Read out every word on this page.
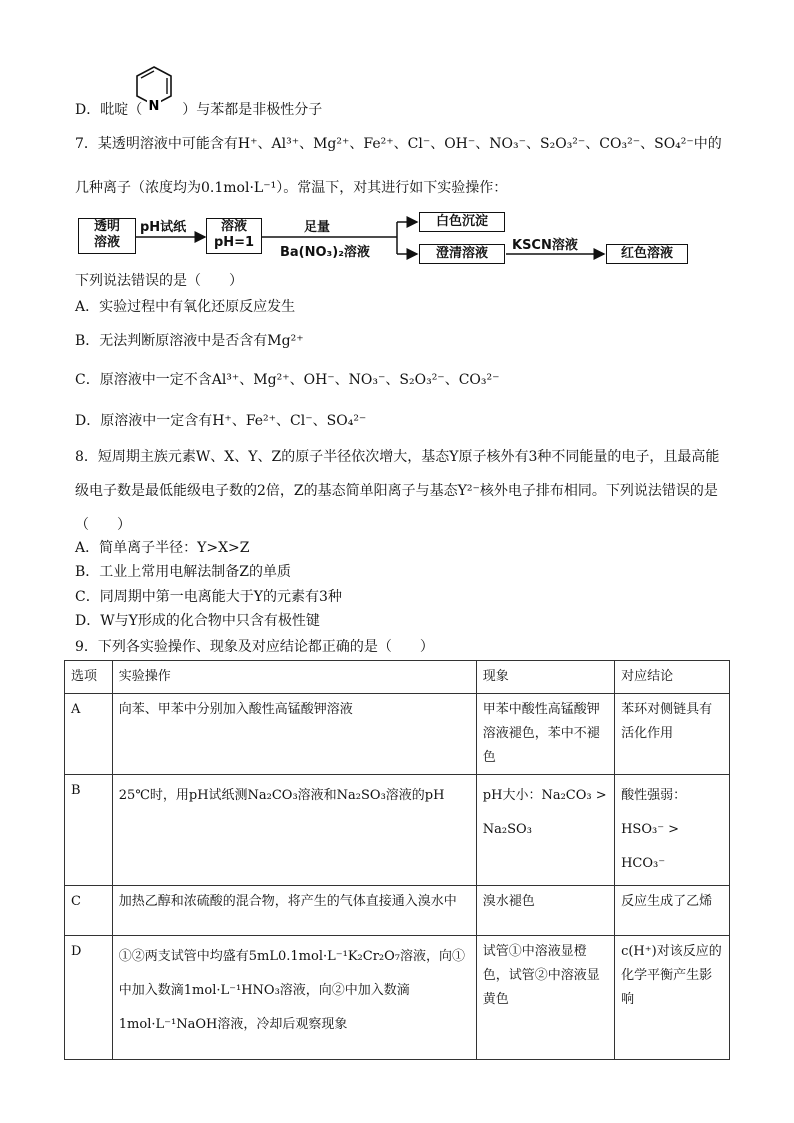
D．吡啶（	）与苯都是非极性分子
N
7．某透明溶液中可能含有H⁺、Al³⁺、Mg²⁺、Fe²⁺、Cl⁻、OH⁻、NO₃⁻、S₂O₃²⁻、CO₃²⁻、SO₄²⁻中的
几种离子（浓度均为0.1mol·L⁻¹）。常温下，对其进行如下实验操作：
透明溶液
pH试纸	溶液
pH=1
足量
Ba(NO₃)₂溶液
白色沉淀
澄清溶液
KSCN溶液
红色溶液
下列说法错误的是（　　）
A．实验过程中有氧化还原反应发生
B．无法判断原溶液中是否含有Mg²⁺
C．原溶液中一定不含Al³⁺、Mg²⁺、OH⁻、NO₃⁻、S₂O₃²⁻、CO₃²⁻
D．原溶液中一定含有H⁺、Fe²⁺、Cl⁻、SO₄²⁻
8．短周期主族元素W、X、Y、Z的原子半径依次增大，基态Y原子核外有3种不同能量的电子，且最高能级电子数是最低能级电子数的2倍，Z的基态简单阳离子与基态Y²⁻核外电子排布相同。下列说法错误的是（　　）
A．简单离子半径：Y>X>Z
B．工业上常用电解法制备Z的单质
C．同周期中第一电离能大于Y的元素有3种
D．W与Y形成的化合物中只含有极性键
9．下列各实验操作、现象及对应结论都正确的是（　　）
选项	实验操作	现象	对应结论
A	向苯、甲苯中分别加入酸性高锰酸钾溶液	甲苯中酸性高锰酸钾溶液褪色，苯中不褪色	苯环对侧链具有活化作用
B	25℃时，用pH试纸测Na₂CO₃溶液和Na₂SO₃溶液的pH	pH大小：Na₂CO₃ > Na₂SO₃	酸性强弱：HSO₃⁻ > HCO₃⁻
C	加热乙醇和浓硫酸的混合物，将产生的气体直接通入溴水中	溴水褪色	反应生成了乙烯
D	①②两支试管中均盛有5mL0.1mol·L⁻¹K₂Cr₂O₇溶液，向①中加入数滴1mol·L⁻¹HNO₃溶液，向②中加入数滴1mol·L⁻¹NaOH溶液，冷却后观察现象	试管①中溶液显橙色，试管②中溶液显黄色	c(H⁺)对该反应的化学平衡产生影响
